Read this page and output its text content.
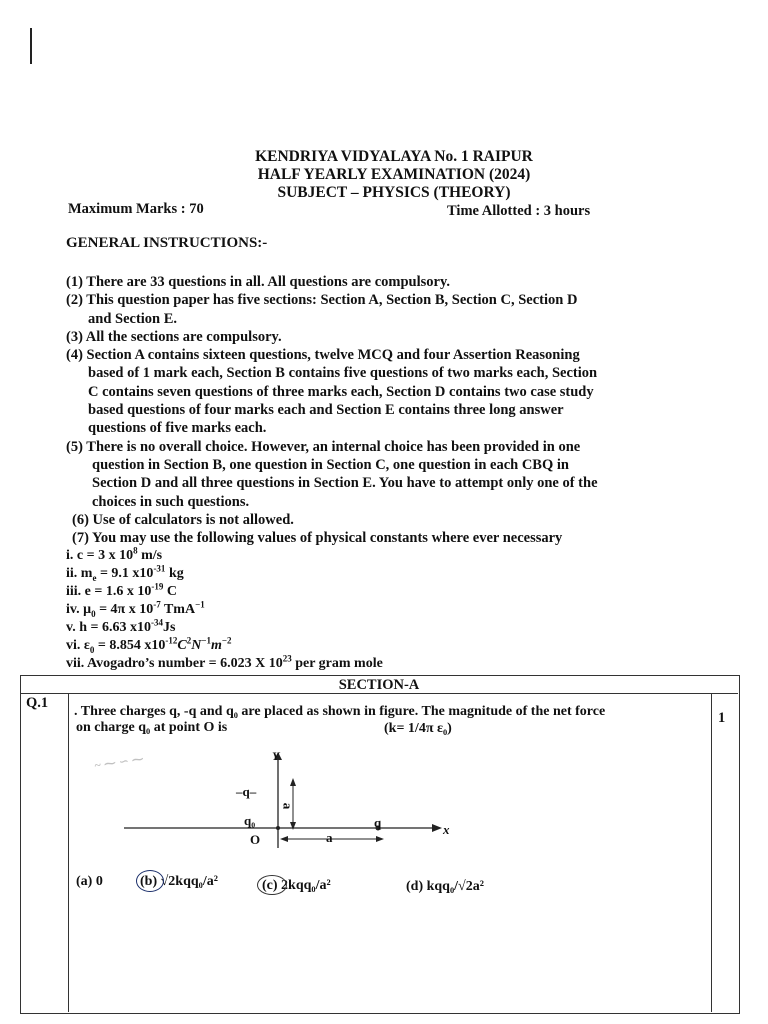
KENDRIYA VIDYALAYA No. 1 RAIPUR
HALF YEARLY EXAMINATION (2024)
SUBJECT – PHYSICS (THEORY)
Maximum Marks : 70	Time Allotted : 3 hours
GENERAL INSTRUCTIONS:-
(1) There are 33 questions in all. All questions are compulsory.
(2) This question paper has five sections: Section A, Section B, Section C, Section D
and Section E.
(3) All the sections are compulsory.
(4) Section A contains sixteen questions, twelve MCQ and four Assertion Reasoning
based of 1 mark each, Section B contains five questions of two marks each, Section
C contains seven questions of three marks each, Section D contains two case study
based questions of four marks each and Section E contains three long answer
questions of five marks each.
(5) There is no overall choice. However, an internal choice has been provided in one
question in Section B, one question in Section C, one question in each CBQ in
Section D and all three questions in Section E. You have to attempt only one of the
choices in such questions.
(6) Use of calculators is not allowed.
(7) You may use the following values of physical constants where ever necessary
i. c = 3 x $10^8$ m/s
ii. $m_e = 9.1$ $x10^{-31}$ kg
iii. e = 1.6 x $10^{-19}$ C
iv. $\mu_0 = 4\pi$ x $10^{-7}$ TmA$^{-1}$
v. h = 6.63 $x10^{-34}Js$
vi. $\varepsilon_0 = 8.854$ $x10^{-12}C^2N^{-1}m^{-2}$
vii. Avogadro’s number = 6.023 X $10^{23}$ per gram mole
SECTION-A
Q.1
1
. Three charges q, -q and q₀ are placed as shown in figure. The magnitude of the net force
on charge q₀ at point O is	(k= 1/4π ε₀)
~ ⁓ ∽ ⁓	Y
–q–
a
q₀
O
q
a
x
(a) 0	(b) √2kqq₀/a²	(c) 2kqq₀/a²	(d) kqq₀/√2a²
